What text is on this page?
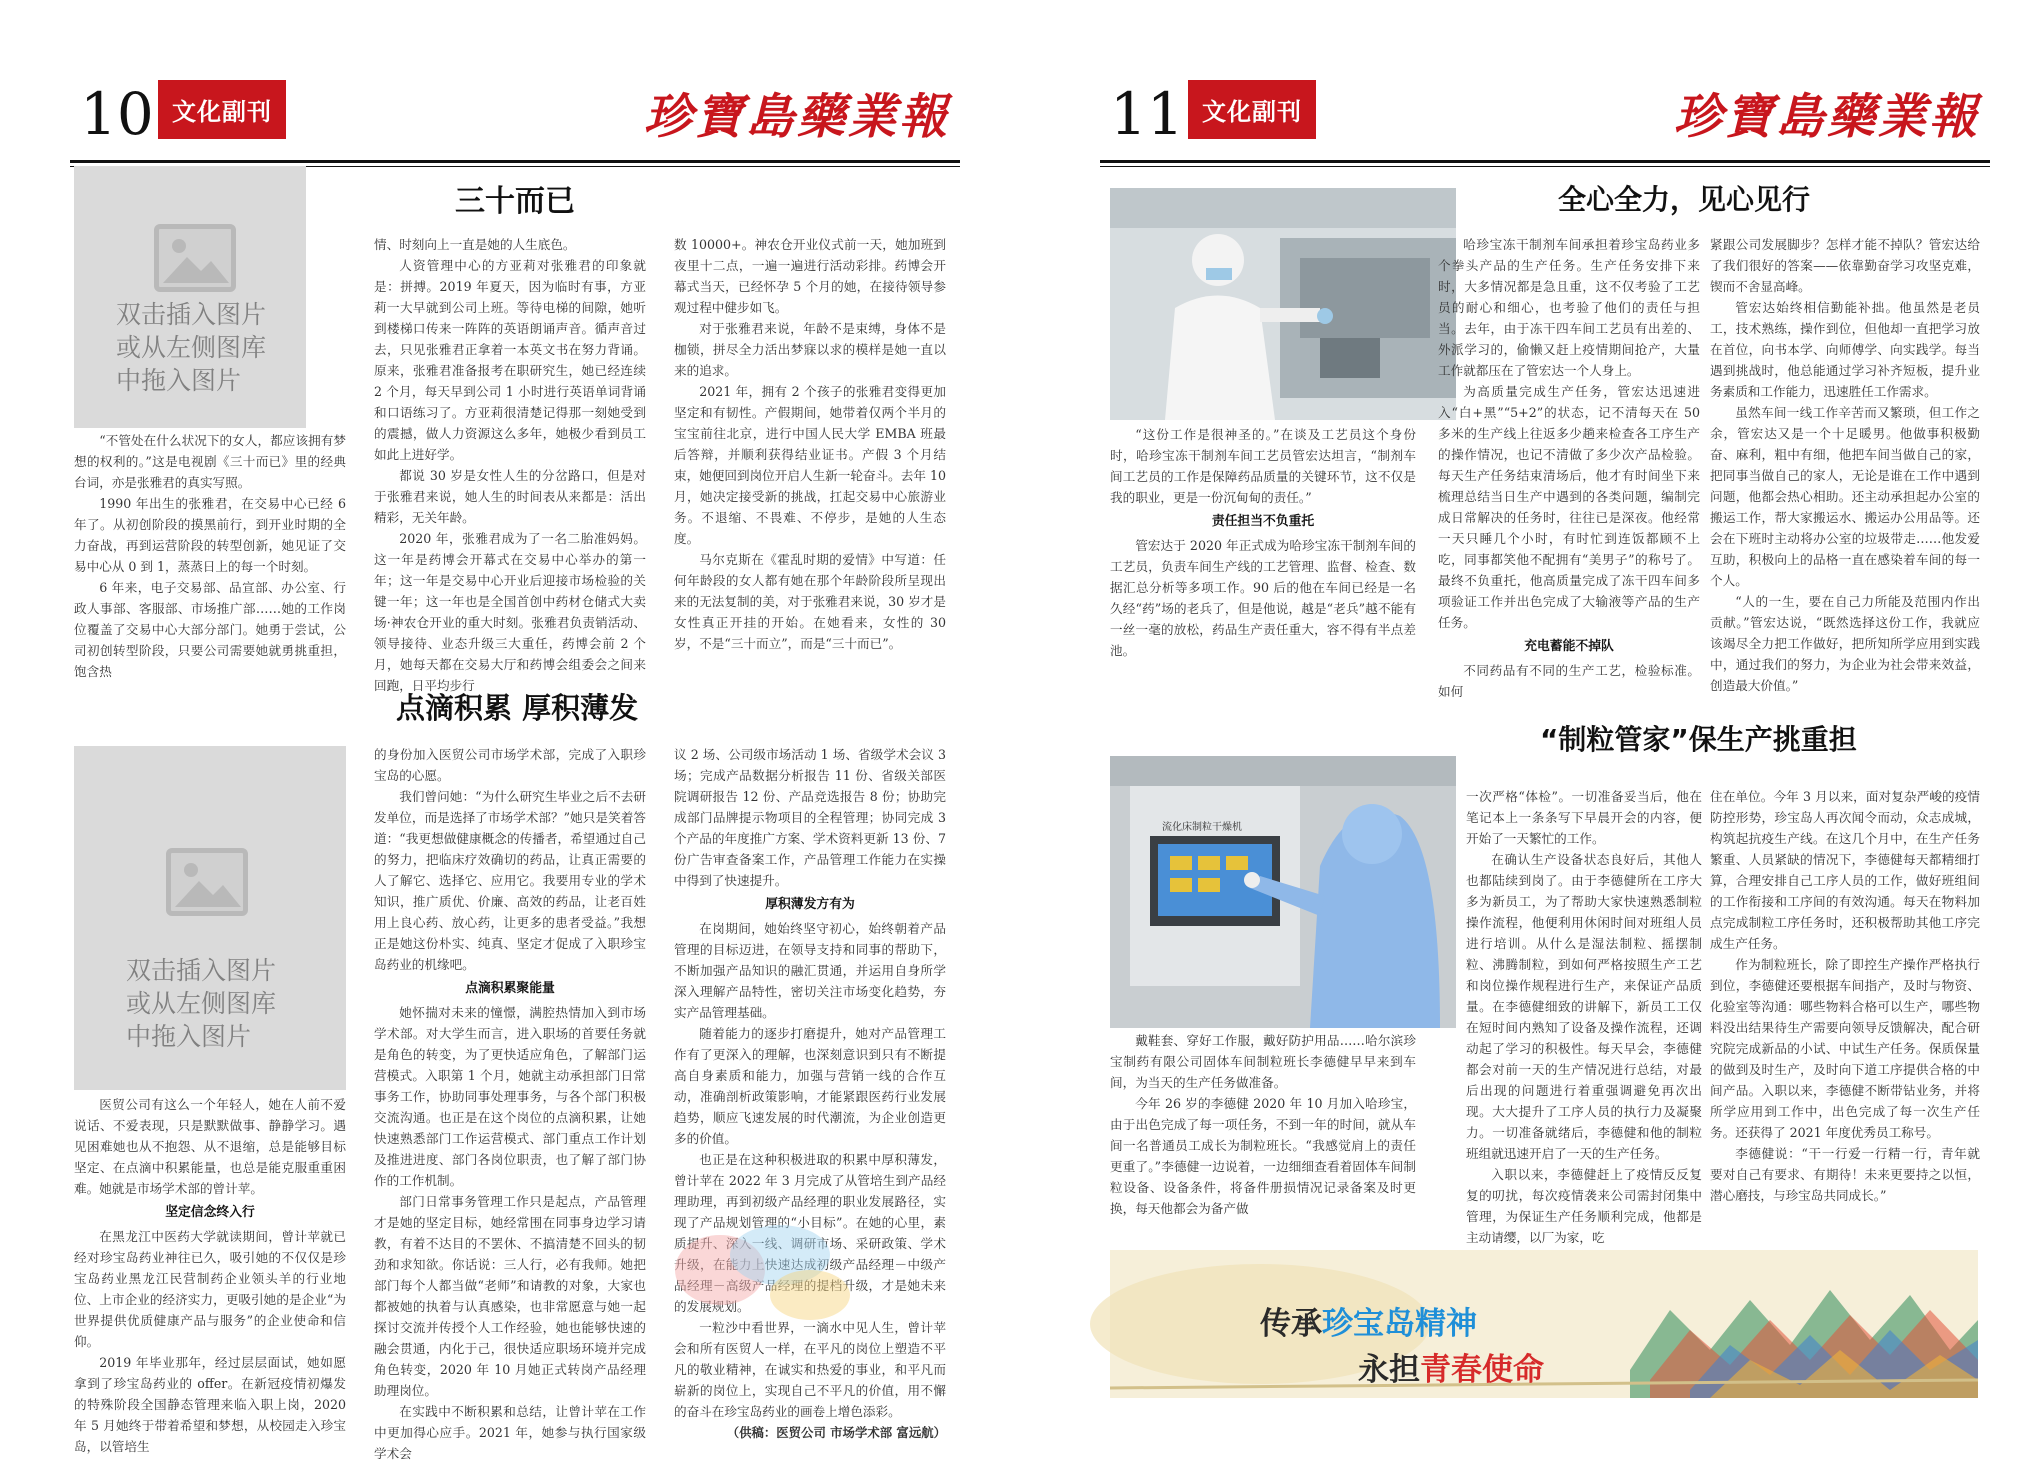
10 文化副刊	珍寶島藥業報
三十而已
双击插入图片或从左侧图库中拖入图片

“不管处在什么状况下的女人，都应该拥有梦想的权利的。”这是电视剧《三十而已》里的经典台词，亦是张雅君的真实写照。

1990 年出生的张雅君，在交易中心已经 6 年了。从初创阶段的摸黑前行，到开业时期的全力奋战，再到运营阶段的转型创新，她见证了交易中心从 0 到 1，蒸蒸日上的每一个时刻。

6 年来，电子交易部、品宣部、办公室、行政人事部、客服部、市场推广部……她的工作岗位覆盖了交易中心大部分部门。她勇于尝试，公司初创转型阶段，只要公司需要她就勇挑重担，饱含热

情、时刻向上一直是她的人生底色。

人资管理中心的方亚莉对张雅君的印象就是：拼搏。2019 年夏天，因为临时有事，方亚莉一大早就到公司上班。等待电梯的间隙，她听到楼梯口传来一阵阵的英语朗诵声音。循声音过去，只见张雅君正拿着一本英文书在努力背诵。原来，张雅君准备报考在职研究生，她已经连续 2 个月，每天早到公司 1 小时进行英语单词背诵和口语练习了。方亚莉很清楚记得那一刻她受到的震撼，做人力资源这么多年，她极少看到员工如此上进好学。

都说 30 岁是女性人生的分岔路口，但是对于张雅君来说，她人生的时间表从来都是：活出精彩，无关年龄。

2020 年，张雅君成为了一名二胎准妈妈。这一年是药博会开幕式在交易中心举办的第一年；这一年是交易中心开业后迎接市场检验的关键一年；这一年也是全国首创中药材仓储式大卖场·神农仓开业的重大时刻。张雅君负责销活动、领导接待、业态升级三大重任，药博会前 2 个月，她每天都在交易大厅和药博会组委会之间来回跑，日平均步行

数 10000+。神农仓开业仪式前一天，她加班到夜里十二点，一遍一遍进行活动彩排。药博会开幕式当天，已经怀孕 5 个月的她，在接待领导参观过程中健步如飞。

对于张雅君来说，年龄不是束缚，身体不是枷锁，拼尽全力活出梦寐以求的模样是她一直以来的追求。

2021 年，拥有 2 个孩子的张雅君变得更加坚定和有韧性。产假期间，她带着仅两个半月的宝宝前往北京，进行中国人民大学 EMBA 班最后答辩，并顺利获得结业证书。产假 3 个月结束，她便回到岗位开启人生新一轮奋斗。去年 10 月，她决定接受新的挑战，扛起交易中心旅游业务。不退缩、不畏难、不停步，是她的人生态度。

马尔克斯在《霍乱时期的爱情》中写道：任何年龄段的女人都有她在那个年龄阶段所呈现出来的无法复制的美，对于张雅君来说，30 岁才是女性真正开挂的开始。在她看来，女性的 30 岁，不是“三十而立”，而是“三十而已”。

点滴积累 厚积薄发
双击插入图片或从左侧图库中拖入图片

医贸公司有这么一个年轻人，她在人前不爱说话、不爱表现，只是默默做事、静静学习。遇见困难她也从不抱怨、从不退缩，总是能够目标坚定、在点滴中积累能量，也总是能克服重重困难。她就是市场学术部的曾计苹。

坚定信念终入行

在黑龙江中医药大学就读期间，曾计苹就已经对珍宝岛药业神往已久，吸引她的不仅仅是珍宝岛药业黑龙江民营制药企业领头羊的行业地位、上市企业的经济实力，更吸引她的是企业“为世界提供优质健康产品与服务”的企业使命和信仰。

2019 年毕业那年，经过层层面试，她如愿拿到了珍宝岛药业的 offer。在新冠疫情初爆发的特殊阶段全国静态管理来临入职上岗，2020 年 5 月她终于带着希望和梦想，从校园走入珍宝岛，以管培生

的身份加入医贸公司市场学术部，完成了入职珍宝岛的心愿。

我们曾问她：“为什么研究生毕业之后不去研发单位，而是选择了市场学术部？”她只是笑着答道：“我更想做健康概念的传播者，希望通过自己的努力，把临床疗效确切的药品，让真正需要的人了解它、选择它、应用它。我要用专业的学术知识，推广质优、价廉、高效的药品，让老百姓用上良心药、放心药，让更多的患者受益。”我想正是她这份朴实、纯真、坚定才促成了入职珍宝岛药业的机缘吧。

点滴积累聚能量

她怀揣对未来的憧憬，满腔热情加入到市场学术部。对大学生而言，进入职场的首要任务就是角色的转变，为了更快适应角色，了解部门运营模式。入职第 1 个月，她就主动承担部门日常事务工作，协助同事处理事务，与各个部门积极交流沟通。也正是在这个岗位的点滴积累，让她快速熟悉部门工作运营模式、部门重点工作计划及推进进度、部门各岗位职责，也了解了部门协作的工作机制。

部门日常事务管理工作只是起点，产品管理才是她的坚定目标，她经常围在同事身边学习请教，有着不达目的不罢休、不搞清楚不回头的韧劲和求知欲。你话说：三人行，必有我师。她把部门每个人都当做“老师”和请教的对象，大家也都被她的执着与认真感染，也非常愿意与她一起探讨交流并传授个人工作经验，她也能够快速的融会贯通，内化于己，很快适应职场环境并完成角色转变，2020 年 10 月她正式转岗产品经理助理岗位。

在实践中不断积累和总结，让曾计苹在工作中更加得心应手。2021 年，她参与执行国家级学术会

议 2 场、公司级市场活动 1 场、省级学术会议 3 场；完成产品数据分析报告 11 份、省级关部医院调研报告 12 份、产品竞选报告 8 份；协助完成部门品牌提示物项目的全程管理；协同完成 3 个产品的年度推广方案、学术资料更新 13 份、7 份广告审查备案工作，产品管理工作能力在实操中得到了快速提升。

厚积薄发方有为

在岗期间，她始终坚守初心，始终朝着产品管理的目标迈进，在领导支持和同事的帮助下，不断加强产品知识的融汇贯通，并运用自身所学深入理解产品特性，密切关注市场变化趋势，夯实产品管理基础。

随着能力的逐步打磨提升，她对产品管理工作有了更深入的理解，也深刻意识到只有不断提高自身素质和能力，加强与营销一线的合作互动，准确剖析政策影响，才能紧跟医药行业发展趋势，顺应飞速发展的时代潮流，为企业创造更多的价值。

也正是在这种积极进取的积累中厚积薄发，曾计苹在 2022 年 3 月完成了从管培生到产品经理助理，再到初级产品经理的职业发展路径，实现了产品规划管理的“小目标”。在她的心里，素质提升、深入一线、调研市场、采研政策、学术升级，在能力上快速达成初级产品经理－中级产品经理－高级产品经理的提档升级，才是她未来的发展规划。

一粒沙中看世界，一滴水中见人生，曾计苹会和所有医贸人一样，在平凡的岗位上塑造不平凡的敬业精神，在诚实和热爱的事业，和平凡而崭新的岗位上，实现自己不平凡的价值，用不懈的奋斗在珍宝岛药业的画卷上增色添彩。

（供稿：医贸公司 市场学术部 富远航）
11 文化副刊	珍寶島藥業報
全心全力，见心见行

“这份工作是很神圣的。”在谈及工艺员这个身份时，哈珍宝冻干制剂车间工艺员管宏达坦言，“制剂车间工艺员的工作是保障药品质量的关键环节，这不仅是我的职业，更是一份沉甸甸的责任。”

责任担当不负重托

管宏达于 2020 年正式成为哈珍宝冻干制剂车间的工艺员，负责车间生产线的工艺管理、监督、检查、数据汇总分析等多项工作。90 后的他在车间已经是一名久经“药”场的老兵了，但是他说，越是“老兵”越不能有一丝一毫的放松，药品生产责任重大，容不得有半点差池。

哈珍宝冻干制剂车间承担着珍宝岛药业多个拳头产品的生产任务。生产任务安排下来时，大多情况都是急且重，这不仅考验了工艺员的耐心和细心，也考验了他们的责任与担当。去年，由于冻干四车间工艺员有出差的、外派学习的，偷懒又赶上疫情期间抢产，大量工作就都压在了管宏达一个人身上。

为高质量完成生产任务，管宏达迅速进入“白+黑”“5+2”的状态，记不清每天在 50 多米的生产线上往返多少趟来检查各工序生产的操作情况，也记不清做了多少次产品检验。每天生产任务结束清场后，他才有时间坐下来梳理总结当日生产中遇到的各类问题，编制完成日常解决的任务时，往往已是深夜。他经常一天只睡几个小时，有时忙到连饭都顾不上吃，同事都笑他不配拥有“美男子”的称号了。最终不负重托，他高质量完成了冻干四车间多项验证工作并出色完成了大输液等产品的生产任务。

充电蓄能不掉队

不同药品有不同的生产工艺，检验标准。如何

紧跟公司发展脚步？怎样才能不掉队？管宏达给了我们很好的答案——依靠勤奋学习攻坚克难，锲而不舍显高峰。

管宏达始终相信勤能补拙。他虽然是老员工，技术熟练，操作到位，但他却一直把学习放在首位，向书本学、向师傅学、向实践学。每当遇到挑战时，他总能通过学习补齐短板，提升业务素质和工作能力，迅速胜任工作需求。

虽然车间一线工作辛苦而又繁琐，但工作之余，管宏达又是一个十足暖男。他做事积极勤奋、麻利，粗中有细，他把车间当做自己的家，把同事当做自己的家人，无论是谁在工作中遇到问题，他都会热心相助。还主动承担起办公室的搬运工作，帮大家搬运水、搬运办公用品等。还会在下班时主动将办公室的垃圾带走……他发爱互助，积极向上的品格一直在感染着车间的每一个人。

“人的一生，要在自己力所能及范围内作出贡献。”管宏达说，“既然选择这份工作，我就应该竭尽全力把工作做好，把所知所学应用到实践中，通过我们的努力，为企业为社会带来效益，创造最大价值。”

“制粒管家”保生产挑重担
流化床制粒干燥机

戴鞋套、穿好工作服，戴好防护用品……哈尔滨珍宝制药有限公司固体车间制粒班长李德健早早来到车间，为当天的生产任务做准备。

今年 26 岁的李德健 2020 年 10 月加入哈珍宝，由于出色完成了每一项任务，不到一年的时间，就从车间一名普通员工成长为制粒班长。“我感觉肩上的责任更重了。”李德健一边说着，一边细细查看着固体车间制粒设备、设备条件，将备件册损情况记录备案及时更换，每天他都会为备产做

一次严格“体检”。一切准备妥当后，他在笔记本上一条条写下早晨开会的内容，便开始了一天繁忙的工作。

在确认生产设备状态良好后，其他人也都陆续到岗了。由于李德健所在工序大多为新员工，为了帮助大家快速熟悉制粒操作流程，他便利用休闲时间对班组人员进行培训。从什么是湿法制粒、摇摆制粒、沸腾制粒，到如何严格按照生产工艺和岗位操作规程进行生产，来保证产品质量。在李德健细致的讲解下，新员工工仅在短时间内熟知了设备及操作流程，还调动起了学习的积极性。每天早会，李德健都会对前一天的生产情况进行总结，对最后出现的问题进行着重强调避免再次出现。大大提升了工序人员的执行力及凝聚力。一切准备就绪后，李德健和他的制粒班组就迅速开启了一天的生产任务。

入职以来，李德健赶上了疫情反反复复的叨扰，每次疫情袭来公司需封闭集中管理，为保证生产任务顺利完成，他都是主动请缨，以厂为家，吃

住在单位。今年 3 月以来，面对复杂严峻的疫情防控形势，珍宝岛人再次闻令而动，众志成城，构筑起抗疫生产线。在这几个月中，在生产任务繁重、人员紧缺的情况下，李德健每天都精细打算，合理安排自己工序人员的工作，做好班组间的工作衔接和工序间的有效沟通。每天在物料加点完成制粒工序任务时，还积极帮助其他工序完成生产任务。

作为制粒班长，除了即控生产操作严格执行到位，李德健还要根据车间指产，及时与物资、化验室等沟通：哪些物料合格可以生产，哪些物料没出结果待生产需要向领导反馈解决，配合研究院完成新品的小试、中试生产任务。保质保量的做到及时生产，及时向下道工序提供合格的中间产品。入职以来，李德健不断带钻业务，并将所学应用到工作中，出色完成了每一次生产任务。还获得了 2021 年度优秀员工称号。

李德健说：“干一行爱一行精一行，青年就要对自己有要求、有期待！未来更要持之以恒，潜心磨技，与珍宝岛共同成长。”

传承珍宝岛精神
永担青春使命
